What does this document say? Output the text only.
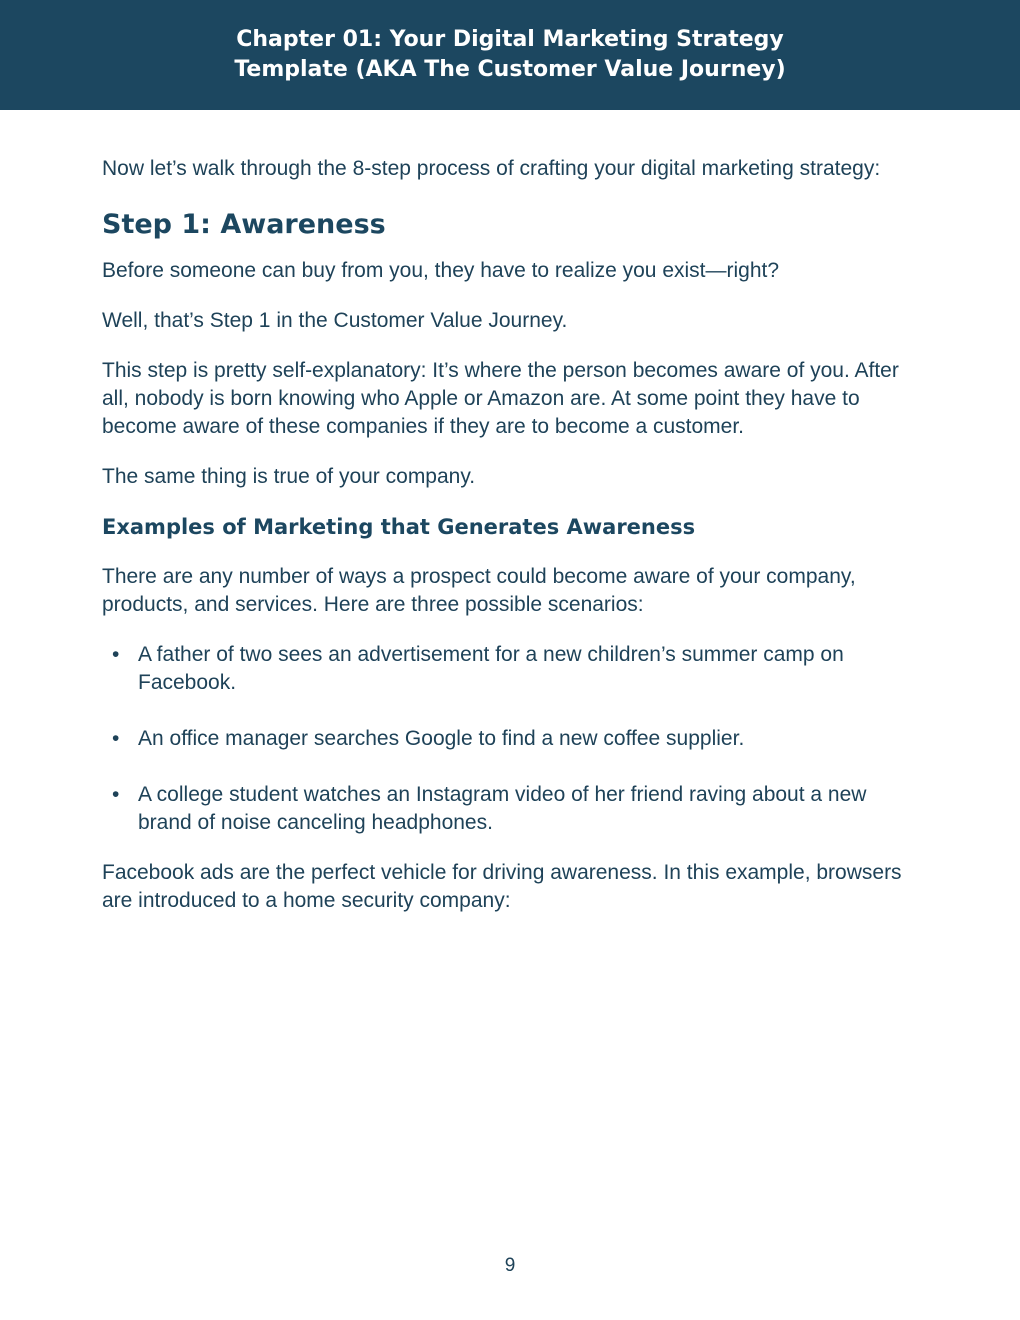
Chapter 01: Your Digital Marketing Strategy
Template (AKA The Customer Value Journey)

Now let’s walk through the 8-step process of crafting your digital marketing strategy:

Step 1: Awareness

Before someone can buy from you, they have to realize you exist—right?

Well, that’s Step 1 in the Customer Value Journey.

This step is pretty self-explanatory: It’s where the person becomes aware of you. After all, nobody is born knowing who Apple or Amazon are. At some point they have to become aware of these companies if they are to become a customer.

The same thing is true of your company.

Examples of Marketing that Generates Awareness

There are any number of ways a prospect could become aware of your company, products, and services. Here are three possible scenarios:

• A father of two sees an advertisement for a new children’s summer camp on Facebook.
• An office manager searches Google to find a new coffee supplier.
• A college student watches an Instagram video of her friend raving about a new brand of noise canceling headphones.

Facebook ads are the perfect vehicle for driving awareness. In this example, browsers are introduced to a home security company:

9
